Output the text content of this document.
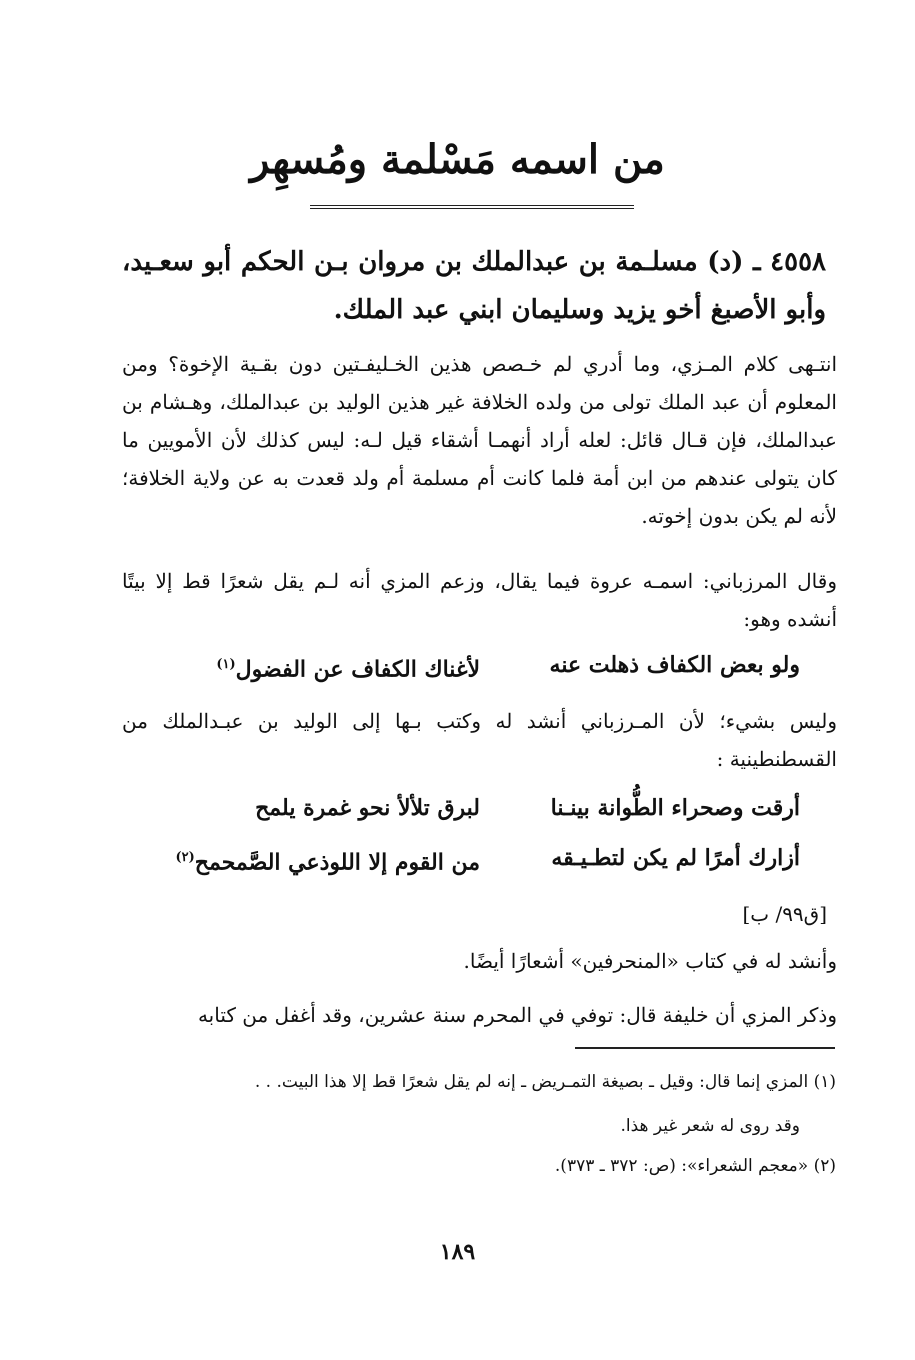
من اسمه مَسْلمة ومُسهِر
٤٥٥٨ ـ (د) مسلـمة بن عبدالملك بن مروان بـن الحكم أبو سعـيد، وأبو الأصبغ أخو يزيد وسليمان ابني عبد الملك.
انتـهى كلام المـزي، وما أدري لم خـصص هذين الخـليفـتين دون بقـية الإخوة؟ ومن المعلوم أن عبد الملك تولى من ولده الخلافة غير هذين الوليد بن عبدالملك، وهـشام بن عبدالملك، فإن قـال قائل: لعله أراد أنهمـا أشقاء قيل لـه: ليس كذلك لأن الأمويين ما كان يتولى عندهم من ابن أمة فلما كانت أم مسلمة أم ولد قعدت به عن ولاية الخلافة؛ لأنه لم يكن بدون إخوته.
وقال المرزباني: اسمـه عروة فيما يقال، وزعم المزي أنه لـم يقل شعرًا قط إلا بيتًا أنشده وهو:
ولو بعض الكفاف ذهلت عنه
لأغناك الكفاف عن الفضول$^{(١)}$
وليس بشيء؛ لأن المـرزباني أنشد له وكتب بـها إلى الوليد بن عبـدالملك من القسطنطينية :
أرقت وصحراء الطُّوانة بينـنا
لبرق تلألأ نحو غمرة يلمح
أزارك أمرًا لم يكن لتطـيـقه
من القوم إلا اللوذعي الصَّمحمح$^{(٢)}$
[ق٩٩/ ب]
وأنشد له في كتاب «المنحرفين» أشعارًا أيضًا.
وذكر المزي أن خليفة قال: توفي في المحرم سنة عشرين، وقد أغفل من كتابه
(١) المزي إنما قال: وقيل ـ بصيغة التمـريض ـ إنه لم يقل شعرًا قط إلا هذا البيت. . .
وقد روى له شعر غير هذا.
(٢) «معجم الشعراء»: (ص: ٣٧٢ ـ ٣٧٣).
١٨٩
